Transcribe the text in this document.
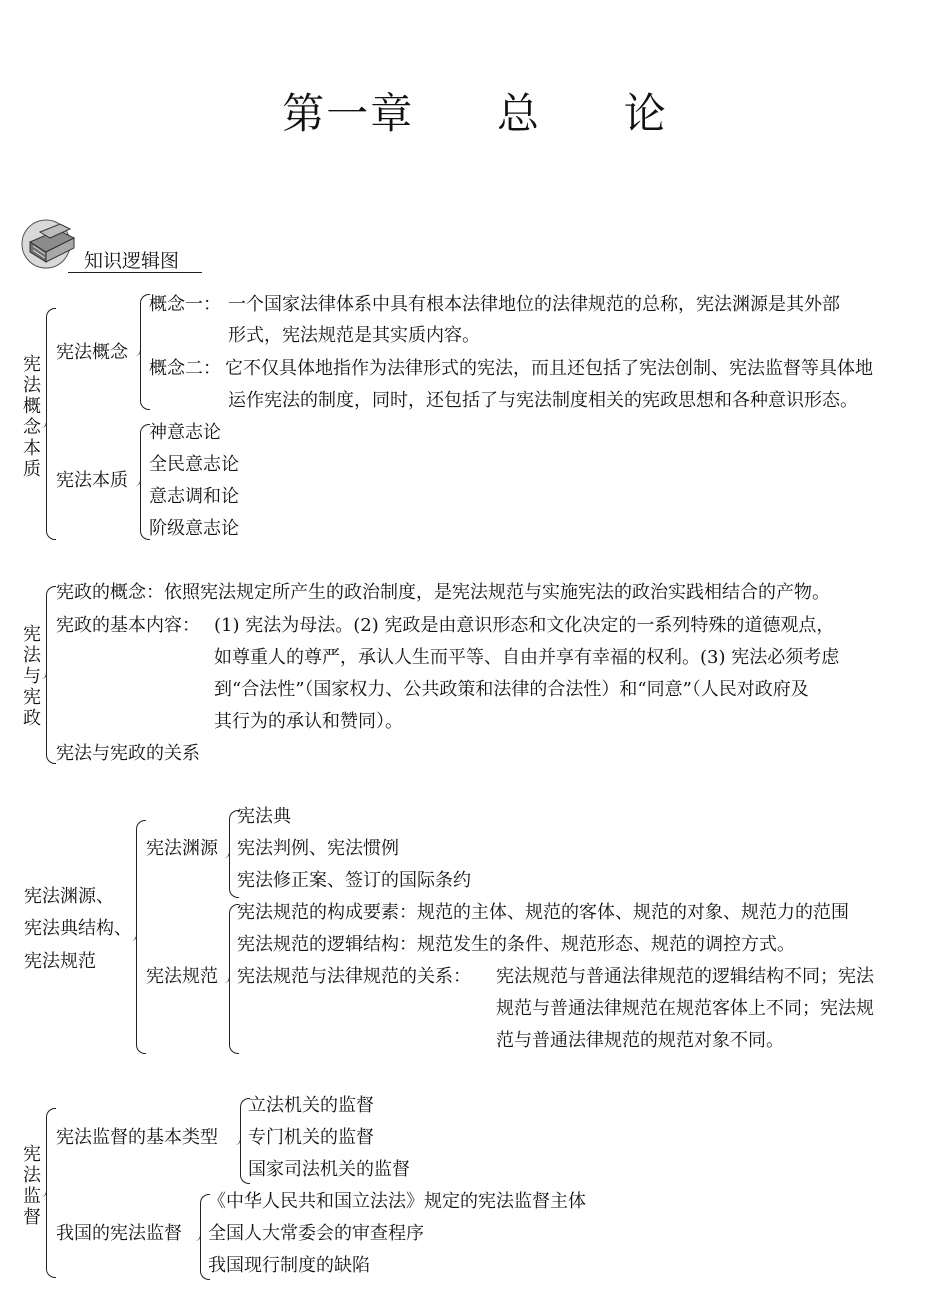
第一章 总 论
知识逻辑图
宪法概念本质
宪法概念
概念一： 一个国家法律体系中具有根本法律地位的法律规范的总称，宪法渊源是其外部
形式，宪法规范是其实质内容。
概念二： 它不仅具体地指作为法律形式的宪法，而且还包括了宪法创制、宪法监督等具体地
运作宪法的制度，同时，还包括了与宪法制度相关的宪政思想和各种意识形态。
宪法本质
神意志论
全民意志论
意志调和论
阶级意志论
宪法与宪政
宪政的概念：依照宪法规定所产生的政治制度，是宪法规范与实施宪法的政治实践相结合的产物。
宪政的基本内容： (1) 宪法为母法。(2) 宪政是由意识形态和文化决定的一系列特殊的道德观点，
如尊重人的尊严，承认人生而平等、自由并享有幸福的权利。(3) 宪法必须考虑
到“合法性”（国家权力、公共政策和法律的合法性）和“同意”（人民对政府及
其行为的承认和赞同）。
宪法与宪政的关系
宪法渊源、
宪法典结构、
宪法规范
宪法渊源
宪法典
宪法判例、宪法惯例
宪法修正案、签订的国际条约
宪法规范
宪法规范的构成要素：规范的主体、规范的客体、规范的对象、规范力的范围
宪法规范的逻辑结构：规范发生的条件、规范形态、规范的调控方式。
宪法规范与法律规范的关系： 宪法规范与普通法律规范的逻辑结构不同；宪法
规范与普通法律规范在规范客体上不同；宪法规
范与普通法律规范的规范对象不同。
宪法监督
宪法监督的基本类型
立法机关的监督
专门机关的监督
国家司法机关的监督
我国的宪法监督
《中华人民共和国立法法》规定的宪法监督主体
全国人大常委会的审查程序
我国现行制度的缺陷
